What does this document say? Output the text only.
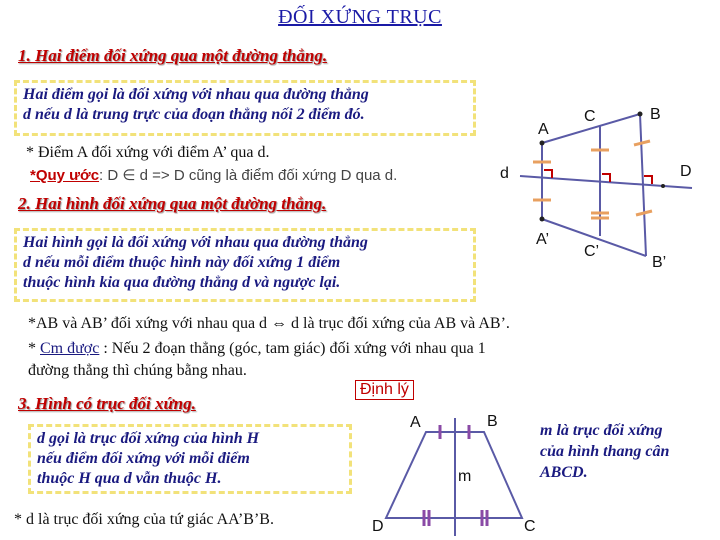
ĐỐI XỨNG TRỤC
1. Hai điểm đối xứng qua một đường thẳng.
Hai điểm gọi là đối xứng với nhau qua đường thẳng
d nếu d là trung trực của đoạn thẳng nối 2 điểm đó.
* Điểm A đối xứng với điểm A’ qua d.
*Quy ước: D ∈ d => D cũng là điểm đối xứng D qua d.
2. Hai hình đối xứng qua một đường thẳng.
Hai hình gọi là đối xứng với nhau qua đường thẳng
d nếu mỗi điểm thuộc hình này đối xứng 1 điểm
thuộc hình kia qua đường thẳng d và ngược lại.
*AB và AB’ đối xứng với nhau qua d ⇔ d là trục đối xứng của AB và AB’.
* Cm được : Nếu 2 đoạn thẳng (góc, tam giác) đối xứng với nhau qua 1
đường thẳng thì chúng bằng nhau.
Định lý
3. Hình có trục đối xứng.
d gọi là trục đối xứng của hình H
nếu điểm đối xứng với mỗi điểm
thuộc H qua d vẫn thuộc H.
* d là trục đối xứng của tứ giác AA’B’B.
m là trục đối xứng
của hình thang cân
ABCD.
A
C	B
D
d
A’
C’
B’
A	B
C
D
m
